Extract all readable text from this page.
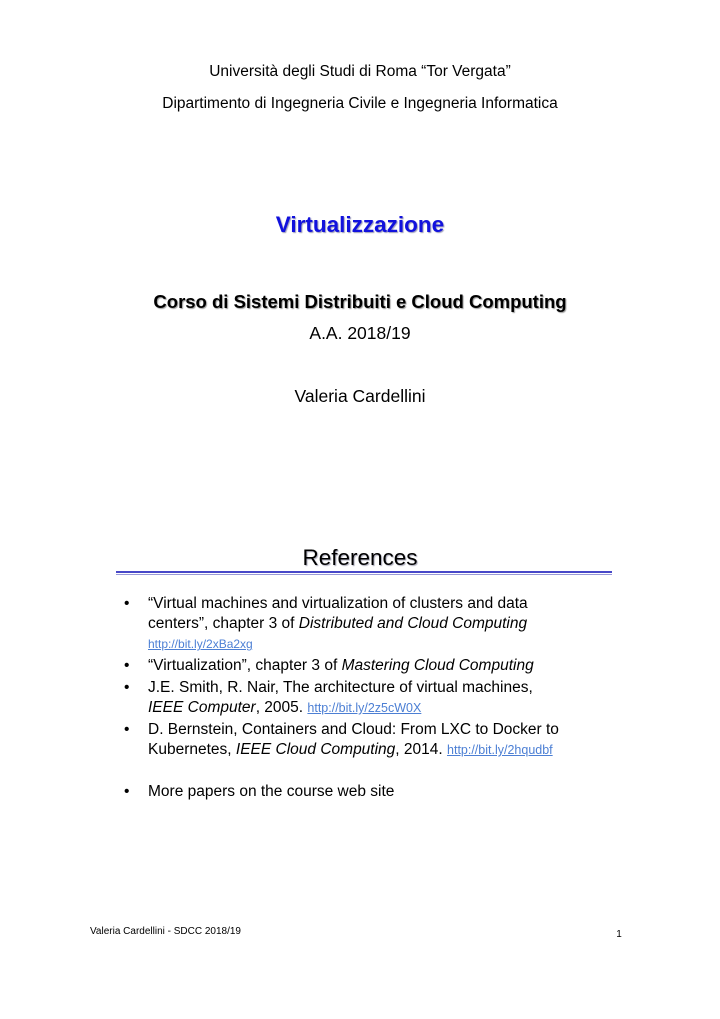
Università degli Studi di Roma “Tor Vergata”
Dipartimento di Ingegneria Civile e Ingegneria Informatica
Virtualizzazione
Corso di Sistemi Distribuiti e Cloud Computing
A.A. 2018/19
Valeria Cardellini
References
• “Virtual machines and virtualization of clusters and data
centers”, chapter 3 of Distributed and Cloud Computing
http://bit.ly/2xBa2xg
• “Virtualization”, chapter 3 of Mastering Cloud Computing
• J.E. Smith, R. Nair, The architecture of virtual machines,
IEEE Computer, 2005. http://bit.ly/2z5cW0X
• D. Bernstein, Containers and Cloud: From LXC to Docker to
Kubernetes, IEEE Cloud Computing, 2014. http://bit.ly/2hqudbf
• More papers on the course web site
Valeria Cardellini - SDCC 2018/19	1
